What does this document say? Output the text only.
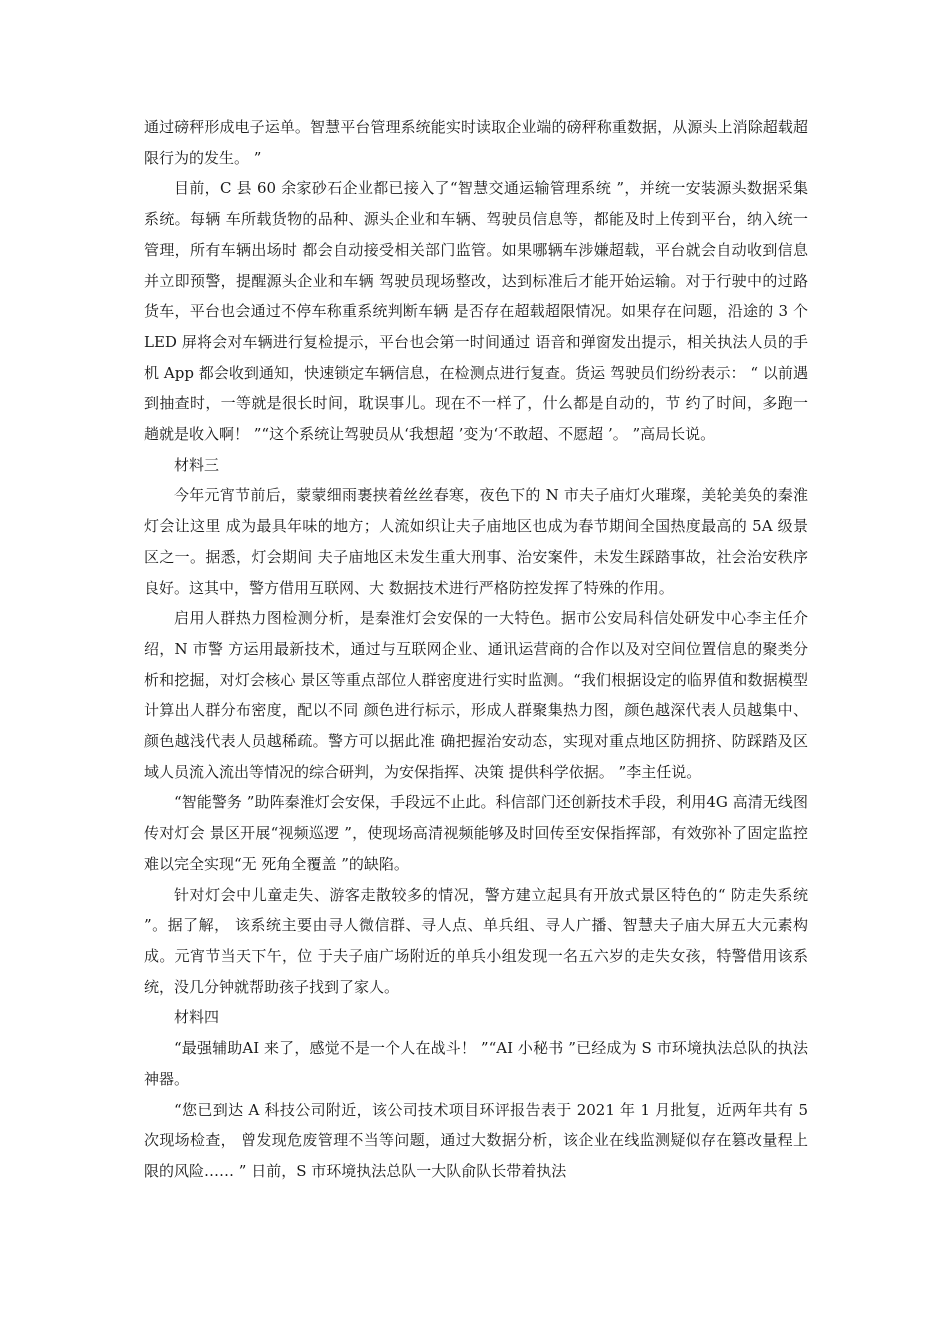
通过磅秤形成电子运单。智慧平台管理系统能实时读取企业端的磅秤称重数据，从源头上消除超载超限行为的发生。 ”

目前，C 县 60 余家砂石企业都已接入了“智慧交通运输管理系统 ”，并统一安装源头数据采集系统。每辆 车所载货物的品种、源头企业和车辆、驾驶员信息等，都能及时上传到平台，纳入统一管理，所有车辆出场时 都会自动接受相关部门监管。如果哪辆车涉嫌超载，平台就会自动收到信息并立即预警，提醒源头企业和车辆 驾驶员现场整改，达到标准后才能开始运输。对于行驶中的过路货车，平台也会通过不停车称重系统判断车辆 是否存在超载超限情况。如果存在问题，沿途的 3 个 LED 屏将会对车辆进行复检提示，平台也会第一时间通过 语音和弹窗发出提示，相关执法人员的手机 App 都会收到通知，快速锁定车辆信息，在检测点进行复查。货运 驾驶员们纷纷表示： “ 以前遇到抽查时，一等就是很长时间，耽误事儿。现在不一样了，什么都是自动的，节 约了时间，多跑一趟就是收入啊！ ”“这个系统让驾驶员从‘我想超 ’变为‘不敢超、不愿超 ’。 ”高局长说。

材料三

今年元宵节前后，蒙蒙细雨裹挟着丝丝春寒，夜色下的 N 市夫子庙灯火璀璨，美轮美奂的秦淮灯会让这里 成为最具年味的地方；人流如织让夫子庙地区也成为春节期间全国热度最高的 5A 级景区之一。据悉，灯会期间 夫子庙地区未发生重大刑事、治安案件，未发生踩踏事故，社会治安秩序良好。这其中，警方借用互联网、大 数据技术进行严格防控发挥了特殊的作用。

启用人群热力图检测分析，是秦淮灯会安保的一大特色。据市公安局科信处研发中心李主任介绍，N 市警 方运用最新技术，通过与互联网企业、通讯运营商的合作以及对空间位置信息的聚类分析和挖掘，对灯会核心 景区等重点部位人群密度进行实时监测。“我们根据设定的临界值和数据模型计算出人群分布密度，配以不同 颜色进行标示，形成人群聚集热力图，颜色越深代表人员越集中、颜色越浅代表人员越稀疏。警方可以据此准 确把握治安动态，实现对重点地区防拥挤、防踩踏及区域人员流入流出等情况的综合研判，为安保指挥、决策 提供科学依据。 ”李主任说。

“智能警务 ”助阵秦淮灯会安保，手段远不止此。科信部门还创新技术手段，利用4G 高清无线图传对灯会 景区开展“视频巡逻 ”，使现场高清视频能够及时回传至安保指挥部，有效弥补了固定监控难以完全实现“无 死角全覆盖 ”的缺陷。

针对灯会中儿童走失、游客走散较多的情况，警方建立起具有开放式景区特色的“ 防走失系统 ”。据了解， 该系统主要由寻人微信群、寻人点、单兵组、寻人广播、智慧夫子庙大屏五大元素构成。元宵节当天下午，位 于夫子庙广场附近的单兵小组发现一名五六岁的走失女孩，特警借用该系统，没几分钟就帮助孩子找到了家人。

材料四

“最强辅助AI 来了，感觉不是一个人在战斗！ ”“AI 小秘书 ”已经成为 S 市环境执法总队的执法神器。

“您已到达 A 科技公司附近，该公司技术项目环评报告表于 2021 年 1 月批复，近两年共有 5 次现场检查， 曾发现危废管理不当等问题，通过大数据分析，该企业在线监测疑似存在篡改量程上限的风险…… ” 日前，S 市环境执法总队一大队俞队长带着执法
